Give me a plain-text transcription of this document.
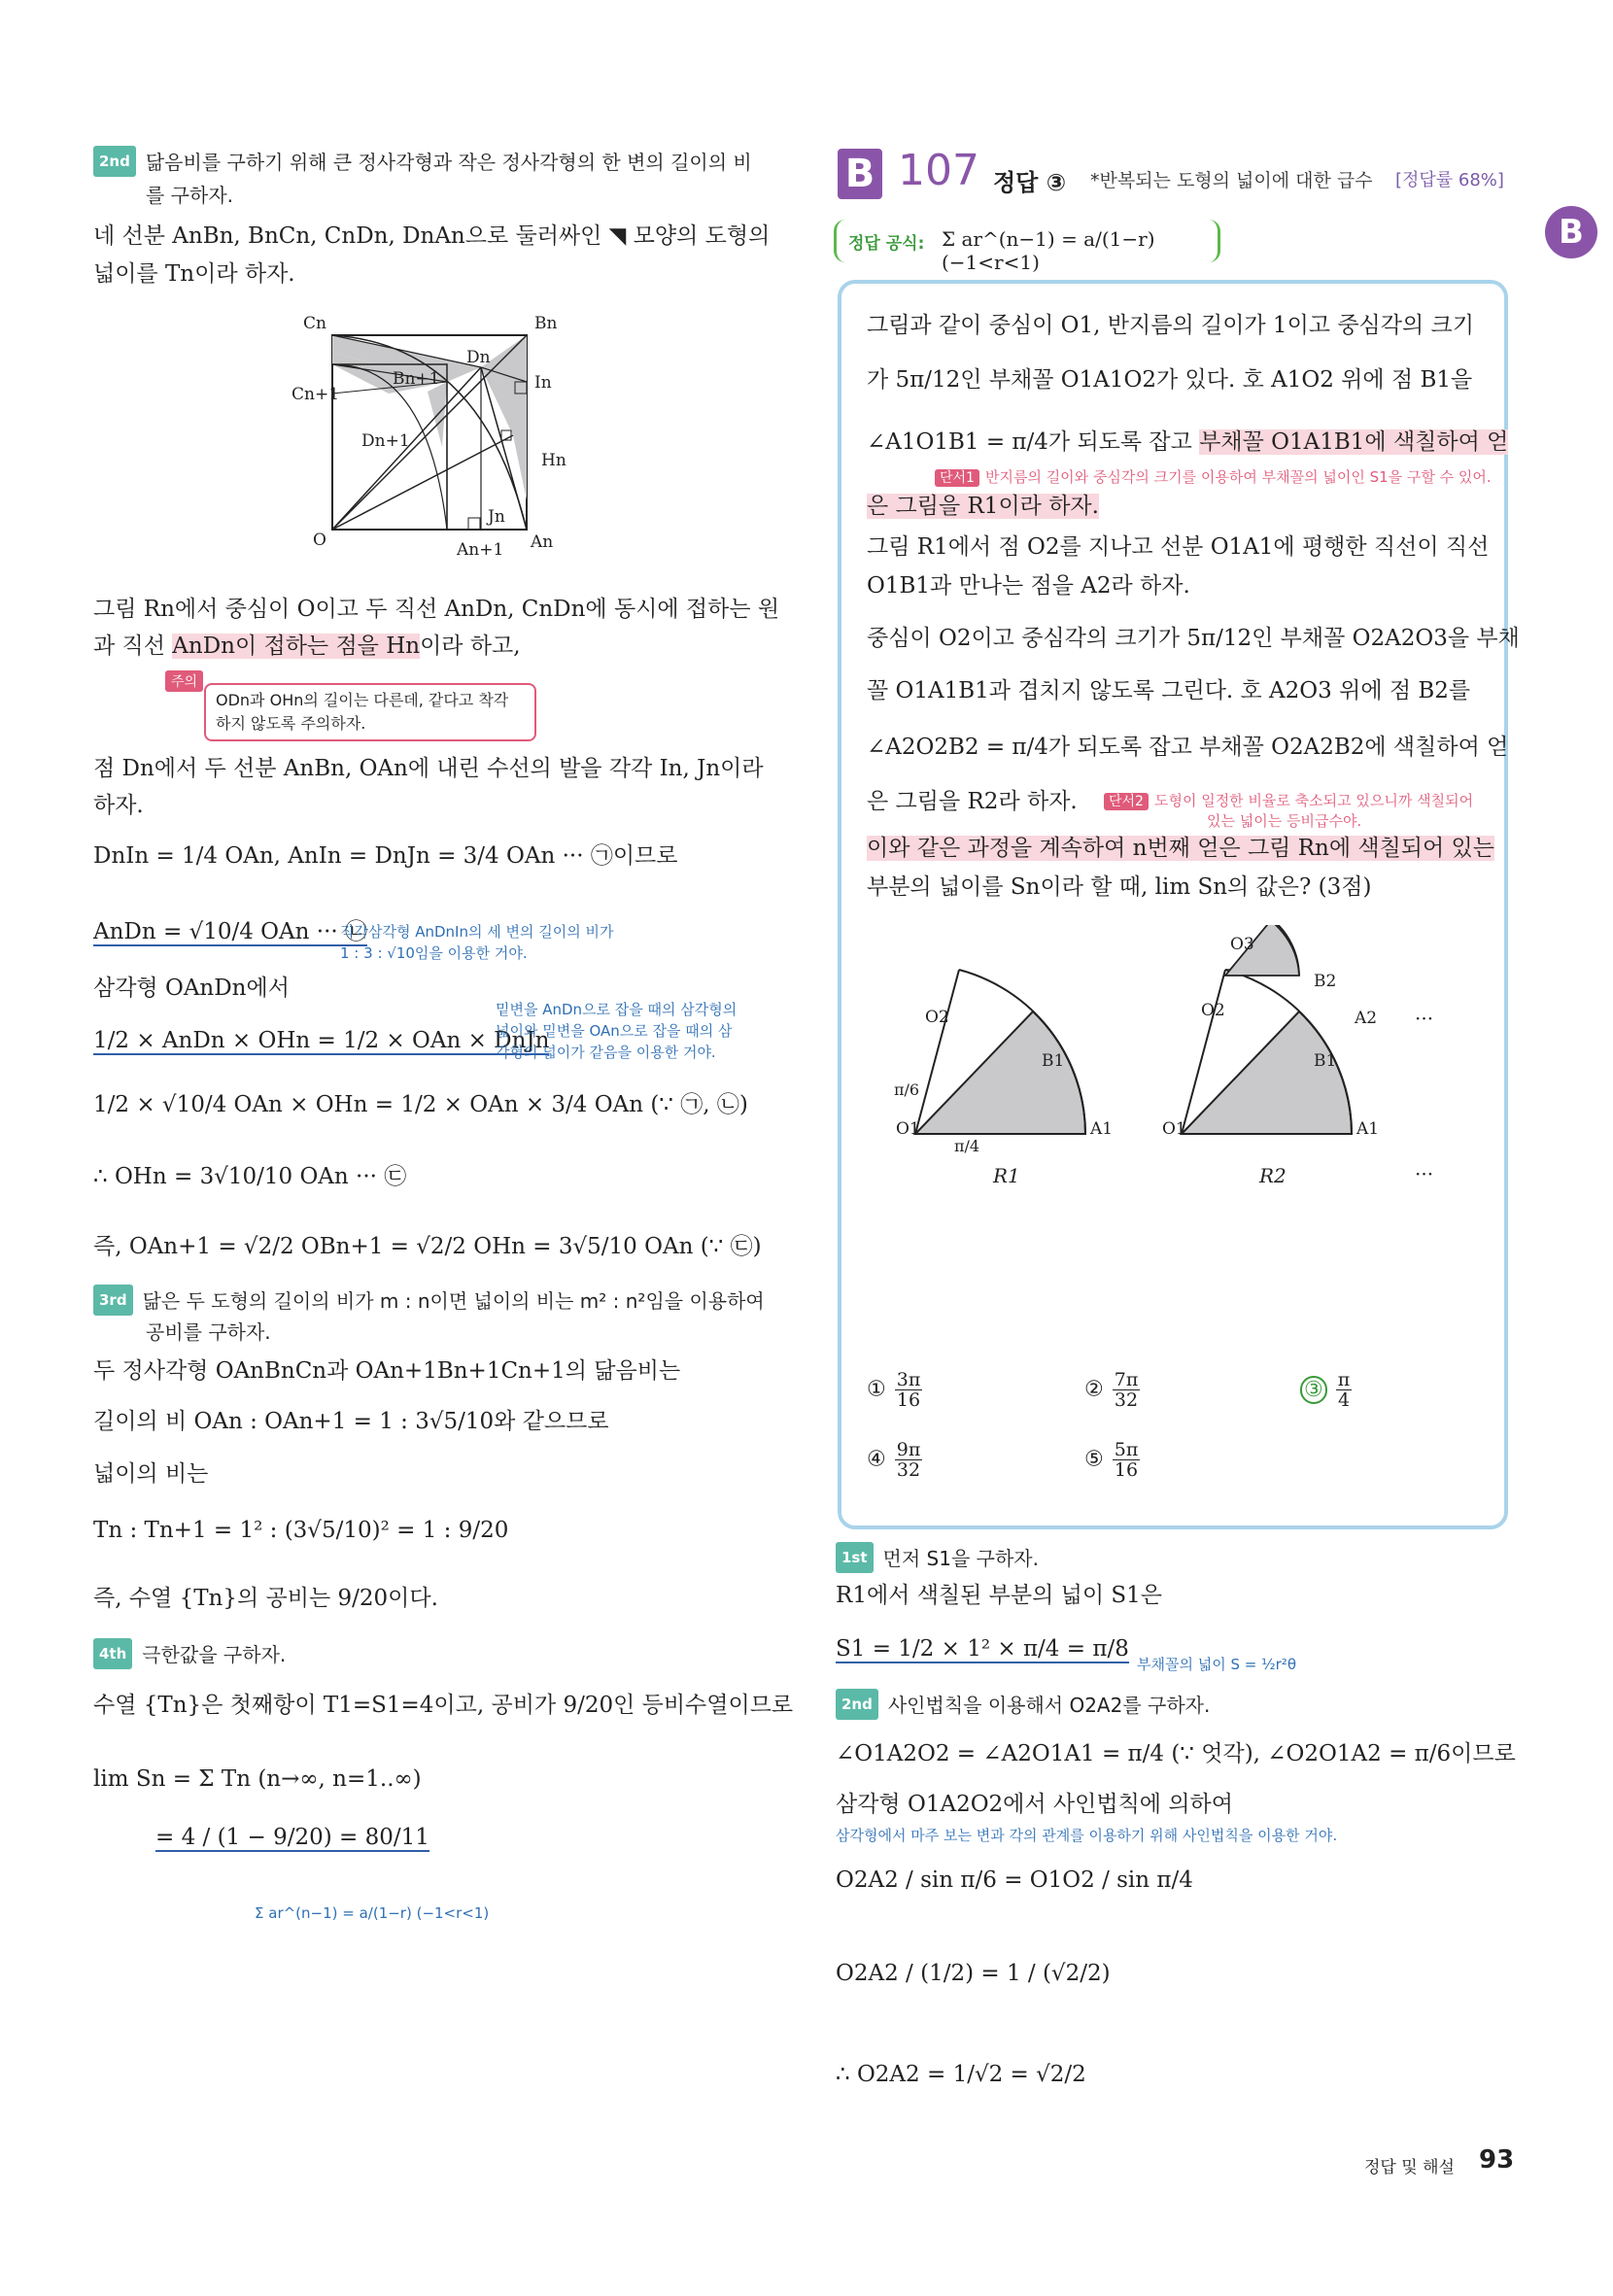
2nd 닮음비를 구하기 위해 큰 정사각형과 작은 정사각형의 한 변의 길이의 비
를 구하자.
네 선분 AnBn, BnCn, CnDn, DnAn으로 둘러싸인 ◥ 모양의 도형의
넓이를 Tn이라 하자.
Cn	Bn
Dn
Bn+1	In
Cn+1
Dn+1
Hn
Jn
O	An+1 An
그림 Rn에서 중심이 O이고 두 직선 AnDn, CnDn에 동시에 접하는 원
과 직선 AnDn이 접하는 점을 Hn이라 하고,
주의
ODn과 OHn의 길이는 다른데, 같다고 착각
하지 않도록 주의하자.
점 Dn에서 두 선분 AnBn, OAn에 내린 수선의 발을 각각 In, Jn이라
하자.
DnIn = 1/4 OAn, AnIn = DnJn = 3/4 OAn ··· ㉠이므로
AnDn = √10/4 OAn ··· ㉡
직각삼각형 AnDnIn의 세 변의 길이의 비가
1 : 3 : √10임을 이용한 거야.
삼각형 OAnDn에서
1/2 × AnDn × OHn = 1/2 × OAn × DnJn
밑변을 AnDn으로 잡을 때의 삼각형의
넓이와 밑변을 OAn으로 잡을 때의 삼
각형의 넓이가 같음을 이용한 거야.
1/2 × √10/4 OAn × OHn = 1/2 × OAn × 3/4 OAn (∵ ㉠, ㉡)
∴ OHn = 3√10/10 OAn ··· ㉢
즉, OAn+1 = √2/2 OBn+1 = √2/2 OHn = 3√5/10 OAn (∵ ㉢)
3rd 닮은 두 도형의 길이의 비가 m : n이면 넓이의 비는 m² : n²임을 이용하여
공비를 구하자.
두 정사각형 OAnBnCn과 OAn+1Bn+1Cn+1의 닮음비는
길이의 비 OAn : OAn+1 = 1 : 3√5/10와 같으므로
넓이의 비는
Tn : Tn+1 = 1² : (3√5/10)² = 1 : 9/20
즉, 수열 {Tn}의 공비는 9/20이다.
4th 극한값을 구하자.
수열 {Tn}은 첫째항이 T1=S1=4이고, 공비가 9/20인 등비수열이므로
lim Sn = Σ Tn (n→∞, n=1..∞)
= 4 / (1 − 9/20) = 80/11
Σ ar^(n−1) = a/(1−r) (−1<r<1)
B 107 정답 ③ *반복되는 도형의 넓이에 대한 급수 [정답률 68%]
B
정답 공식: Σ ar^(n−1) = a/(1−r) (−1<r<1)
그림과 같이 중심이 O1, 반지름의 길이가 1이고 중심각의 크기
가 5π/12인 부채꼴 O1A1O2가 있다. 호 A1O2 위에 점 B1을
∠A1O1B1 = π/4가 되도록 잡고 부채꼴 O1A1B1에 색칠하여 얻
단서1 반지름의 길이와 중심각의 크기를 이용하여 부채꼴의 넓이인 S1을 구할 수 있어.
은 그림을 R1이라 하자.
그림 R1에서 점 O2를 지나고 선분 O1A1에 평행한 직선이 직선
O1B1과 만나는 점을 A2라 하자.
중심이 O2이고 중심각의 크기가 5π/12인 부채꼴 O2A2O3을 부채
꼴 O1A1B1과 겹치지 않도록 그린다. 호 A2O3 위에 점 B2를
∠A2O2B2 = π/4가 되도록 잡고 부채꼴 O2A2B2에 색칠하여 얻
은 그림을 R2라 하자.	단서2 도형이 일정한 비율로 축소되고 있으니까 색칠되어
있는 넓이는 등비급수야.
이와 같은 과정을 계속하여 n번째 얻은 그림 Rn에 색칠되어 있는
부분의 넓이를 Sn이라 할 때, lim Sn의 값은? (3점)
O2
B1
π/6
O1
π/4
A1
R1
O3
B2
O2	A2
B1
O1	A1
R2
···
···
① $\frac{3\pi}{16}$	② $\frac{7\pi}{32}$	③ $\frac{\pi}{4}$
④ $\frac{9\pi}{32}$	⑤ $\frac{5\pi}{16}$
1st 먼저 S1을 구하자.
R1에서 색칠된 부분의 넓이 S1은
S1 = 1/2 × 1² × π/4 = π/8
부채꼴의 넓이 S = ½r²θ
2nd 사인법칙을 이용해서 O2A2를 구하자.
∠O1A2O2 = ∠A2O1A1 = π/4 (∵ 엇각), ∠O2O1A2 = π/6이므로
삼각형 O1A2O2에서 사인법칙에 의하여
삼각형에서 마주 보는 변과 각의 관계를 이용하기 위해 사인법칙을 이용한 거야.
O2A2 / sin π/6 = O1O2 / sin π/4
O2A2 / (1/2) = 1 / (√2/2)
∴ O2A2 = 1/√2 = √2/2
정답 및 해설 93
